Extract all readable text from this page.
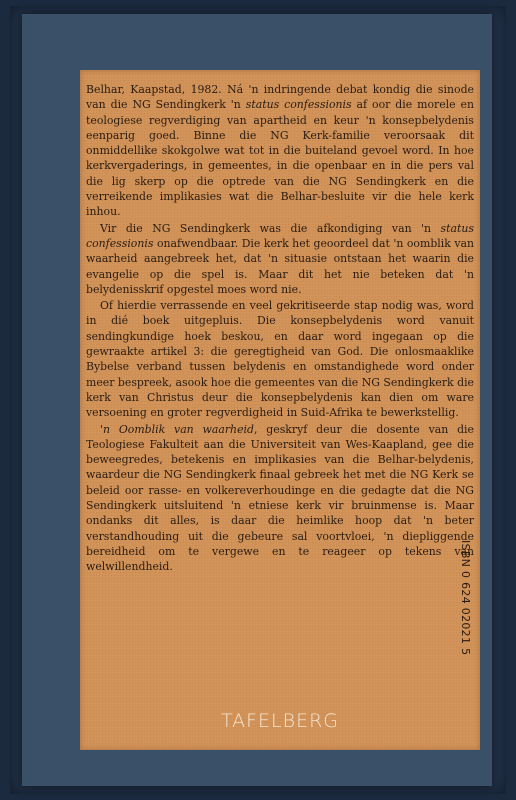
Belhar, Kaapstad, 1982. Ná 'n indringende debat kondig die sinode van die NG Sendingkerk 'n status confessionis af oor die morele en teologiese regverdiging van apartheid en keur 'n konsepbelydenis eenparig goed. Binne die NG Kerk-familie veroorsaak dit onmiddellike skokgolwe wat tot in die buiteland gevoel word. In hoe kerkvergaderings, in gemeentes, in die openbaar en in die pers val die lig skerp op die optrede van die NG Sendingkerk en die verreikende implikasies wat die Belhar-besluite vir die hele kerk inhou.

Vir die NG Sendingkerk was die afkondiging van 'n status confessionis onafwendbaar. Die kerk het geoordeel dat 'n oomblik van waarheid aangebreek het, dat 'n situasie ontstaan het waarin die evangelie op die spel is. Maar dit het nie beteken dat 'n belydenisskrif opgestel moes word nie.

Of hierdie verrassende en veel gekritiseerde stap nodig was, word in dié boek uitgepluis. Die konsepbelydenis word vanuit sendingkundige hoek beskou, en daar word ingegaan op die gewraakte artikel 3: die geregtigheid van God. Die onlosmaaklike Bybelse verband tussen belydenis en omstandighede word onder meer bespreek, asook hoe die gemeentes van die NG Sendingkerk die kerk van Christus deur die konsepbelydenis kan dien om ware versoening en groter regverdigheid in Suid-Afrika te bewerkstellig.

'n Oomblik van waarheid, geskryf deur die dosente van die Teologiese Fakulteit aan die Universiteit van Wes-Kaapland, gee die beweegredes, betekenis en implikasies van die Belhar-belydenis, waardeur die NG Sendingkerk finaal gebreek het met die NG Kerk se beleid oor rasse- en volkereverhoudinge en die gedagte dat die NG Sendingkerk uitsluitend 'n etniese kerk vir bruinmense is. Maar ondanks dit alles, is daar die heimlike hoop dat 'n beter verstandhouding uit die gebeure sal voortvloei, 'n diepliggende bereidheid om te vergewe en te reageer op tekens van welwillendheid.	ISBN 0 624 02021 5
TAFELBERG
